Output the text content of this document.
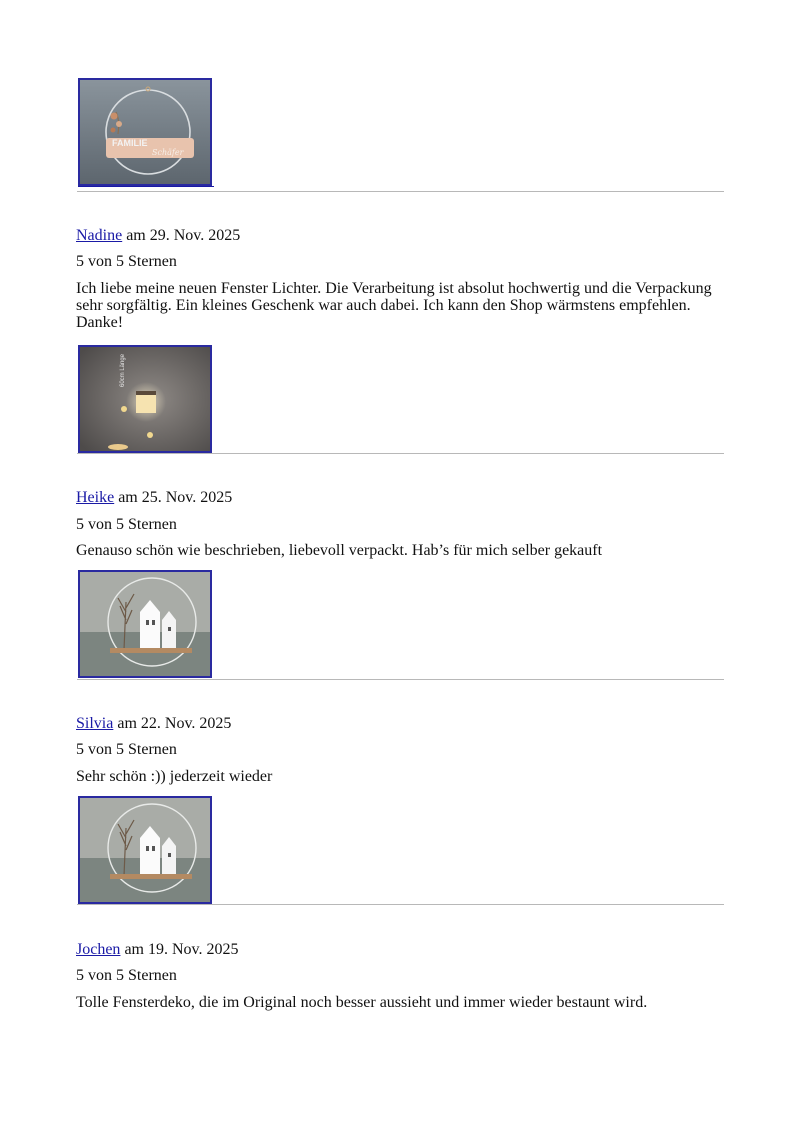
FAMILIE
Schäfer
Nadine am 29. Nov. 2025
5 von 5 Sternen
Ich liebe meine neuen Fenster Lichter. Die Verarbeitung ist absolut hochwertig und die Verpackung sehr sorgfältig. Ein kleines Geschenk war auch dabei. Ich kann den Shop wärmstens empfehlen. Danke!
60cm Länge
Heike am 25. Nov. 2025
5 von 5 Sternen
Genauso schön wie beschrieben, liebevoll verpackt. Hab’s für mich selber gekauft
Silvia am 22. Nov. 2025
5 von 5 Sternen
Sehr schön :)) jederzeit wieder
Jochen am 19. Nov. 2025
5 von 5 Sternen
Tolle Fensterdeko, die im Original noch besser aussieht und immer wieder bestaunt wird.
